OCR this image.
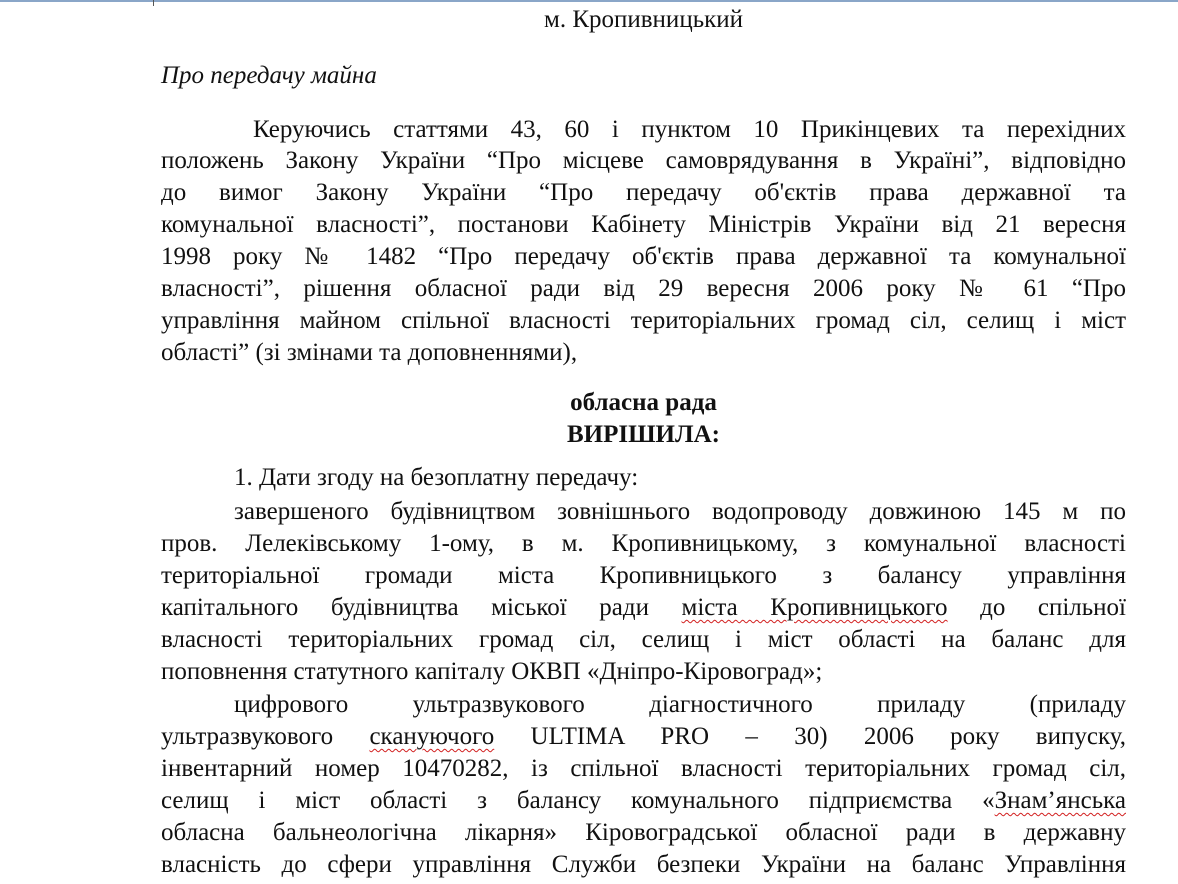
м. Кропивницький
Про передачу майна
Керуючись статтями 43, 60 і пунктом 10 Прикінцевих та перехідних
положень Закону України “Про місцеве самоврядування в Україні”, відповідно
до вимог Закону України “Про передачу об'єктів права державної та
комунальної власності”, постанови Кабінету Міністрів України від 21 вересня
1998 року № 1482 “Про передачу об'єктів права державної та комунальної
власності”, рішення обласної ради від 29 вересня 2006 року № 61 “Про
управління майном спільної власності територіальних громад сіл, селищ і міст
області” (зі змінами та доповненнями),
обласна рада
ВИРІШИЛА:
1. Дати згоду на безоплатну передачу:
завершеного будівництвом зовнішнього водопроводу довжиною 145 м по
пров. Лелеківському 1-ому, в м. Кропивницькому, з комунальної власності
територіальної громади міста Кропивницького з балансу управління
капітального будівництва міської ради міста Кропивницького до спільної
власності територіальних громад сіл, селищ і міст області на баланс для
поповнення статутного капіталу ОКВП «Дніпро-Кіровоград»;
цифрового ультразвукового діагностичного приладу (приладу
ультразвукового скануючого ULTIMA PRO – 30) 2006 року випуску,
інвентарний номер 10470282, із спільної власності територіальних громад сіл,
селищ і міст області з балансу комунального підприємства «Знам’янська
обласна бальнеологічна лікарня» Кіровоградської обласної ради в державну
власність до сфери управління Служби безпеки України на баланс Управління
